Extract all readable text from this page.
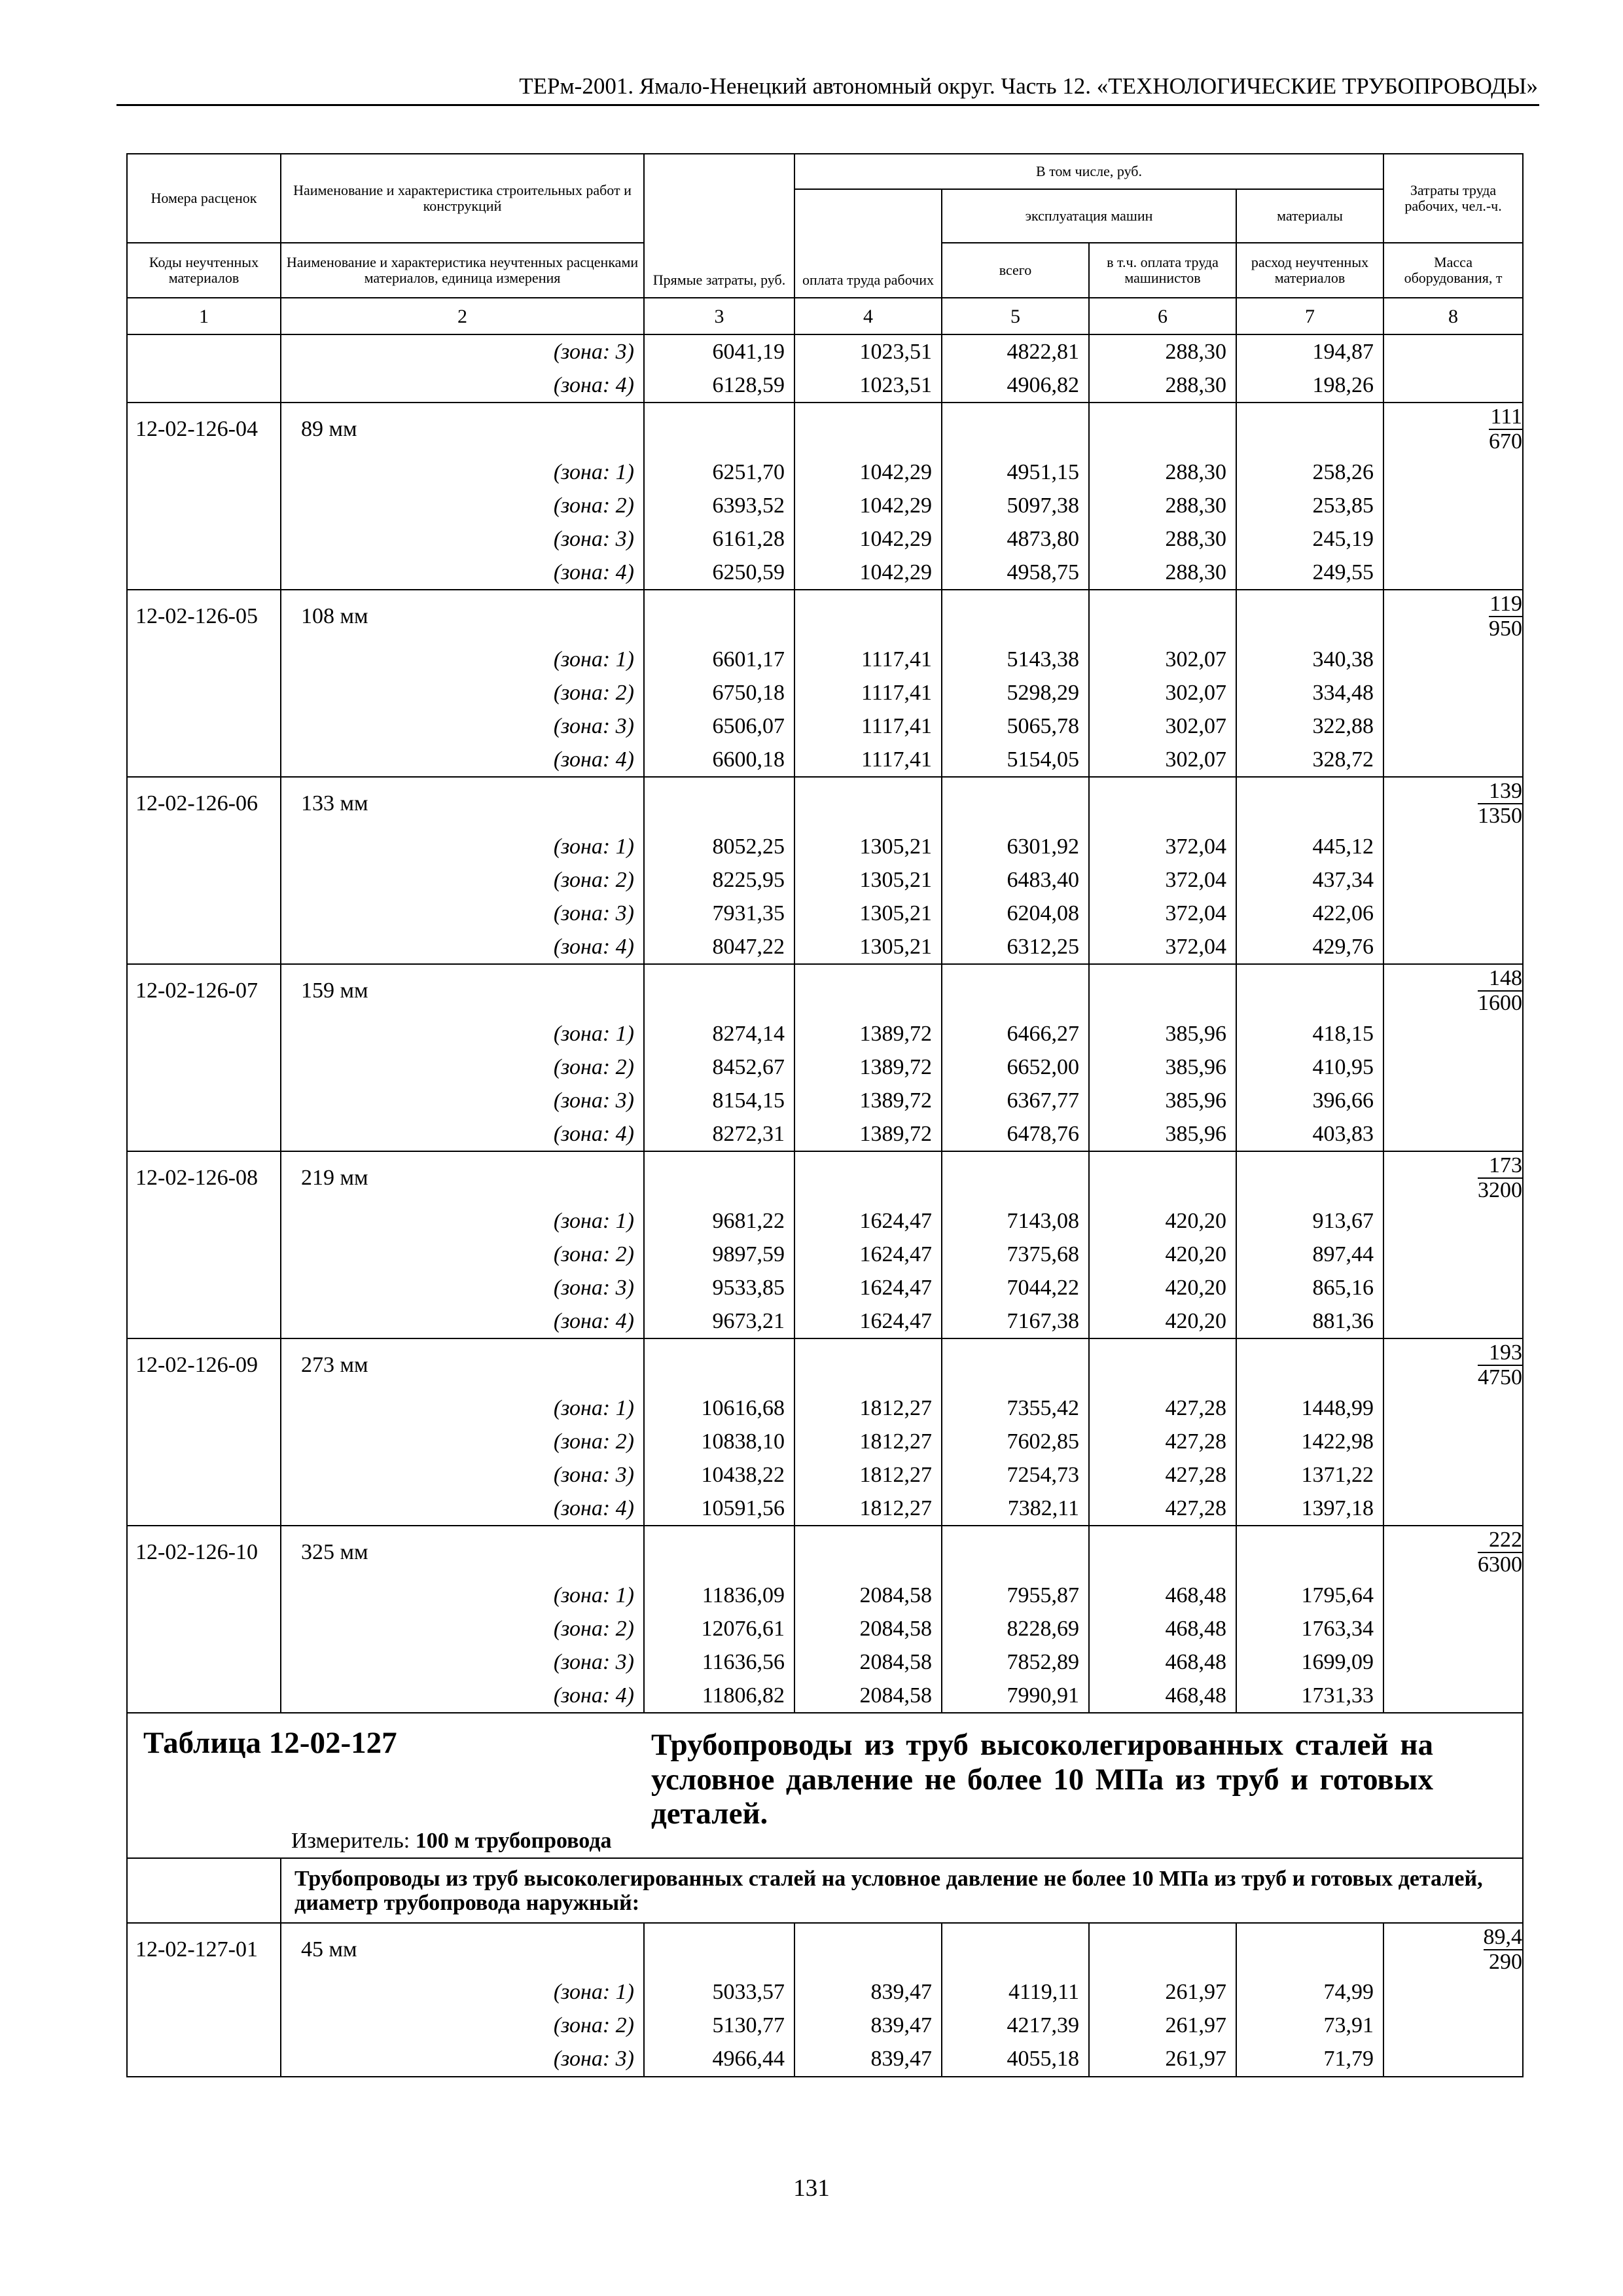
ТЕРм-2001. Ямало-Ненецкий автономный округ. Часть 12. «ТЕХНОЛОГИЧЕСКИЕ ТРУБОПРОВОДЫ»
Номера расценок	Наименование и характеристика строительных работ и конструкций	Прямые затраты, руб.	В том числе, руб.				Затраты труда рабочих, чел.-ч.
			оплата труда рабочих	эксплуатация машин		материалы	
Коды неучтенных материалов	Наименование и характеристика неучтенных расценками материалов, единица измерения			всего	в т.ч. оплата труда машинистов	расход неучтенных материалов	Масса оборудования, т
1	2	3	4	5	6	7	8
	(зона: 3)	6041,19	1023,51	4822,81	288,30	194,87	
	(зона: 4)	6128,59	1023,51	4906,82	288,30	198,26	
12-02-126-04	89 мм						$\frac{111}{670}$

	(зона: 1)	6251,70	1042,29	4951,15	288,30	258,26	
	(зона: 2)	6393,52	1042,29	5097,38	288,30	253,85	
	(зона: 3)	6161,28	1042,29	4873,80	288,30	245,19	
	(зона: 4)	6250,59	1042,29	4958,75	288,30	249,55	
12-02-126-05	108 мм						$\frac{119}{950}$

	(зона: 1)	6601,17	1117,41	5143,38	302,07	340,38	
	(зона: 2)	6750,18	1117,41	5298,29	302,07	334,48	
	(зона: 3)	6506,07	1117,41	5065,78	302,07	322,88	
	(зона: 4)	6600,18	1117,41	5154,05	302,07	328,72	
12-02-126-06	133 мм						$\frac{139}{1350}$

	(зона: 1)	8052,25	1305,21	6301,92	372,04	445,12	
	(зона: 2)	8225,95	1305,21	6483,40	372,04	437,34	
	(зона: 3)	7931,35	1305,21	6204,08	372,04	422,06	
	(зона: 4)	8047,22	1305,21	6312,25	372,04	429,76	
12-02-126-07	159 мм						$\frac{148}{1600}$

	(зона: 1)	8274,14	1389,72	6466,27	385,96	418,15	
	(зона: 2)	8452,67	1389,72	6652,00	385,96	410,95	
	(зона: 3)	8154,15	1389,72	6367,77	385,96	396,66	
	(зона: 4)	8272,31	1389,72	6478,76	385,96	403,83	
12-02-126-08	219 мм						$\frac{173}{3200}$

	(зона: 1)	9681,22	1624,47	7143,08	420,20	913,67	
	(зона: 2)	9897,59	1624,47	7375,68	420,20	897,44	
	(зона: 3)	9533,85	1624,47	7044,22	420,20	865,16	
	(зона: 4)	9673,21	1624,47	7167,38	420,20	881,36	
12-02-126-09	273 мм						$\frac{193}{4750}$

	(зона: 1)	10616,68	1812,27	7355,42	427,28	1448,99	
	(зона: 2)	10838,10	1812,27	7602,85	427,28	1422,98	
	(зона: 3)	10438,22	1812,27	7254,73	427,28	1371,22	
	(зона: 4)	10591,56	1812,27	7382,11	427,28	1397,18	
12-02-126-10	325 мм						$\frac{222}{6300}$

	(зона: 1)	11836,09	2084,58	7955,87	468,48	1795,64	
	(зона: 2)	12076,61	2084,58	8228,69	468,48	1763,34	
	(зона: 3)	11636,56	2084,58	7852,89	468,48	1699,09	
	(зона: 4)	11806,82	2084,58	7990,91	468,48	1731,33	

Таблица 12-02-127 Трубопроводы из труб высоколегированных сталей на условное давление не более 10 МПа из труб и готовых деталей.
Измеритель: 100 м трубопровода							

	Трубопроводы из труб высоколегированных сталей на условное давление не более 10 МПа из труб и готовых деталей, диаметр трубопровода наружный:						
12-02-127-01	45 мм						$\frac{89,4}{290}$

	(зона: 1)	5033,57	839,47	4119,11	261,97	74,99	
	(зона: 2)	5130,77	839,47	4217,39	261,97	73,91	
	(зона: 3)	4966,44	839,47	4055,18	261,97	71,79	
131
